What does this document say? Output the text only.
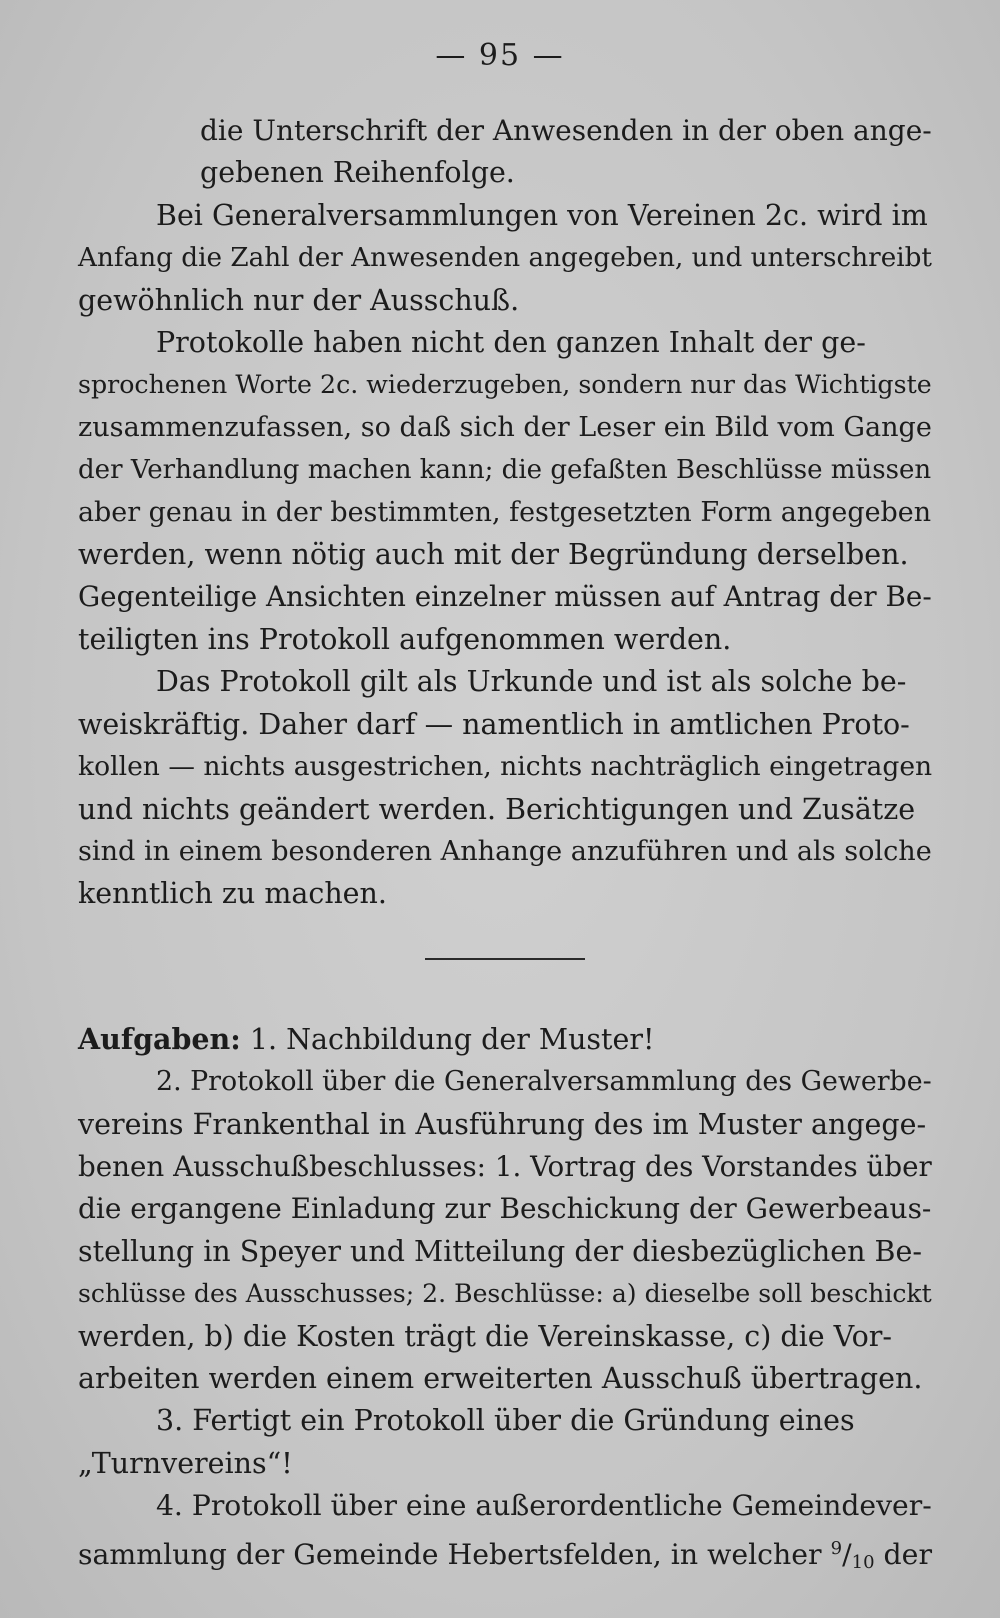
— 95 —
die Unterschrift der Anwesenden in der oben ange-
gebenen Reihenfolge.
Bei Generalversammlungen von Vereinen 2c. wird im
Anfang die Zahl der Anwesenden angegeben, und unterschreibt
gewöhnlich nur der Ausschuß.
Protokolle haben nicht den ganzen Inhalt der ge-
sprochenen Worte 2c. wiederzugeben, sondern nur das Wichtigste
zusammenzufassen, so daß sich der Leser ein Bild vom Gange
der Verhandlung machen kann; die gefaßten Beschlüsse müssen
aber genau in der bestimmten, festgesetzten Form angegeben
werden, wenn nötig auch mit der Begründung derselben.
Gegenteilige Ansichten einzelner müssen auf Antrag der Be-
teiligten ins Protokoll aufgenommen werden.
Das Protokoll gilt als Urkunde und ist als solche be-
weiskräftig. Daher darf — namentlich in amtlichen Proto-
kollen — nichts ausgestrichen, nichts nachträglich eingetragen
und nichts geändert werden. Berichtigungen und Zusätze
sind in einem besonderen Anhange anzuführen und als solche
kenntlich zu machen.
Aufgaben: 1. Nachbildung der Muster!
2. Protokoll über die Generalversammlung des Gewerbe-
vereins Frankenthal in Ausführung des im Muster angege-
benen Ausschußbeschlusses: 1. Vortrag des Vorstandes über
die ergangene Einladung zur Beschickung der Gewerbeaus-
stellung in Speyer und Mitteilung der diesbezüglichen Be-
schlüsse des Ausschusses; 2. Beschlüsse: a) dieselbe soll beschickt
werden, b) die Kosten trägt die Vereinskasse, c) die Vor-
arbeiten werden einem erweiterten Ausschuß übertragen.
3. Fertigt ein Protokoll über die Gründung eines
„Turnvereins“!
4. Protokoll über eine außerordentliche Gemeindever-
sammlung der Gemeinde Hebertsfelden, in welcher $^9/_{10}$ der
